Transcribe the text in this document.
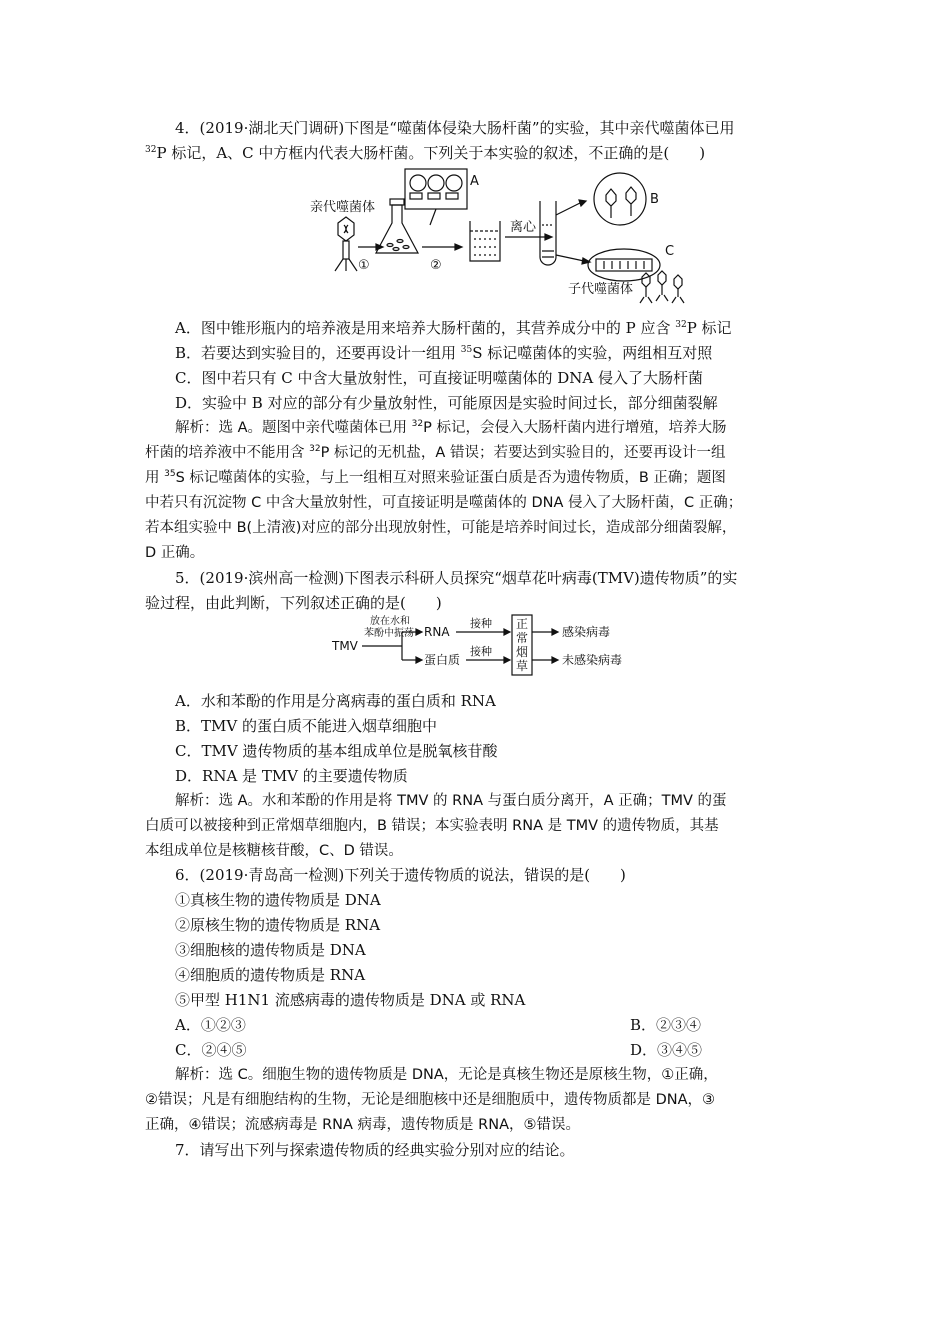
4．(2019·湖北天门调研)下图是“噬菌体侵染大肠杆菌”的实验，其中亲代噬菌体已用
$^{32}$P 标记，A、C 中方框内代表大肠杆菌。下列关于本实验的叙述，不正确的是(　　)
亲代噬菌体
①	②
A
离心
B
C
子代噬菌体
A．图中锥形瓶内的培养液是用来培养大肠杆菌的，其营养成分中的 P 应含 $^{32}$P 标记
B．若要达到实验目的，还要再设计一组用 $^{35}$S 标记噬菌体的实验，两组相互对照
C．图中若只有 C 中含大量放射性，可直接证明噬菌体的 DNA 侵入了大肠杆菌
D．实验中 B 对应的部分有少量放射性，可能原因是实验时间过长，部分细菌裂解
解析：选 A。题图中亲代噬菌体已用 $^{32}$P 标记，会侵入大肠杆菌内进行增殖，培养大肠
杆菌的培养液中不能用含 $^{32}$P 标记的无机盐，A 错误；若要达到实验目的，还要再设计一组
用 $^{35}$S 标记噬菌体的实验，与上一组相互对照来验证蛋白质是否为遗传物质，B 正确；题图
中若只有沉淀物 C 中含大量放射性，可直接证明是噬菌体的 DNA 侵入了大肠杆菌，C 正确；
若本组实验中 B(上清液)对应的部分出现放射性，可能是培养时间过长，造成部分细菌裂解，
D 正确。
5．(2019·滨州高一检测)下图表示科研人员探究“烟草花叶病毒(TMV)遗传物质”的实
验过程，由此判断，下列叙述正确的是(　　)
TMV
放在水和
苯酚中振荡 RNA
蛋白质
接种
接种
正
常
烟
草
感染病毒
未感染病毒
A．水和苯酚的作用是分离病毒的蛋白质和 RNA
B．TMV 的蛋白质不能进入烟草细胞中
C．TMV 遗传物质的基本组成单位是脱氧核苷酸
D．RNA 是 TMV 的主要遗传物质
解析：选 A。水和苯酚的作用是将 TMV 的 RNA 与蛋白质分离开，A 正确；TMV 的蛋
白质可以被接种到正常烟草细胞内，B 错误；本实验表明 RNA 是 TMV 的遗传物质，其基
本组成单位是核糖核苷酸，C、D 错误。
6．(2019·青岛高一检测)下列关于遗传物质的说法，错误的是(　　)
①真核生物的遗传物质是 DNA
②原核生物的遗传物质是 RNA
③细胞核的遗传物质是 DNA
④细胞质的遗传物质是 RNA
⑤甲型 H1N1 流感病毒的遗传物质是 DNA 或 RNA
A．①②③	B．②③④
C．②④⑤	D．③④⑤
解析：选 C。细胞生物的遗传物质是 DNA，无论是真核生物还是原核生物，①正确，
②错误；凡是有细胞结构的生物，无论是细胞核中还是细胞质中，遗传物质都是 DNA，③
正确，④错误；流感病毒是 RNA 病毒，遗传物质是 RNA，⑤错误。
7．请写出下列与探索遗传物质的经典实验分别对应的结论。
